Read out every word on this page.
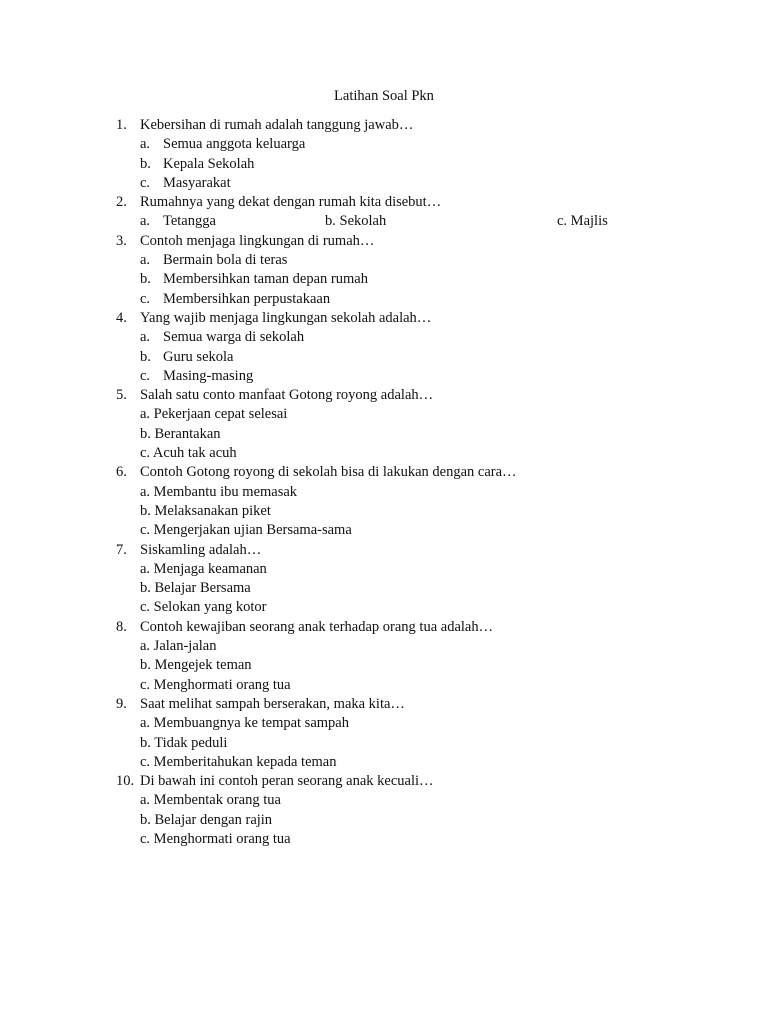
Latihan Soal Pkn
1. Kebersihan di rumah adalah tanggung jawab…
a. Semua anggota keluarga
b. Kepala Sekolah
c. Masyarakat
2. Rumahnya yang dekat dengan rumah kita disebut…
a. Tetangga	b. Sekolah	c. Majlis
3. Contoh menjaga lingkungan di rumah…
a. Bermain bola di teras
b. Membersihkan taman depan rumah
c. Membersihkan perpustakaan
4. Yang wajib menjaga lingkungan sekolah adalah…
a. Semua warga di sekolah
b. Guru sekola
c. Masing-masing
5. Salah satu conto manfaat Gotong royong adalah…
a. Pekerjaan cepat selesai
b. Berantakan
c. Acuh tak acuh
6. Contoh Gotong royong di sekolah bisa di lakukan dengan cara…
a. Membantu ibu memasak
b. Melaksanakan piket
c. Mengerjakan ujian Bersama-sama
7. Siskamling adalah…
a. Menjaga keamanan
b. Belajar Bersama
c. Selokan yang kotor
8. Contoh kewajiban seorang anak terhadap orang tua adalah…
a. Jalan-jalan
b. Mengejek teman
c. Menghormati orang tua
9. Saat melihat sampah berserakan, maka kita…
a. Membuangnya ke tempat sampah
b. Tidak peduli
c. Memberitahukan kepada teman
10. Di bawah ini contoh peran seorang anak kecuali…
a. Membentak orang tua
b. Belajar dengan rajin
c. Menghormati orang tua
